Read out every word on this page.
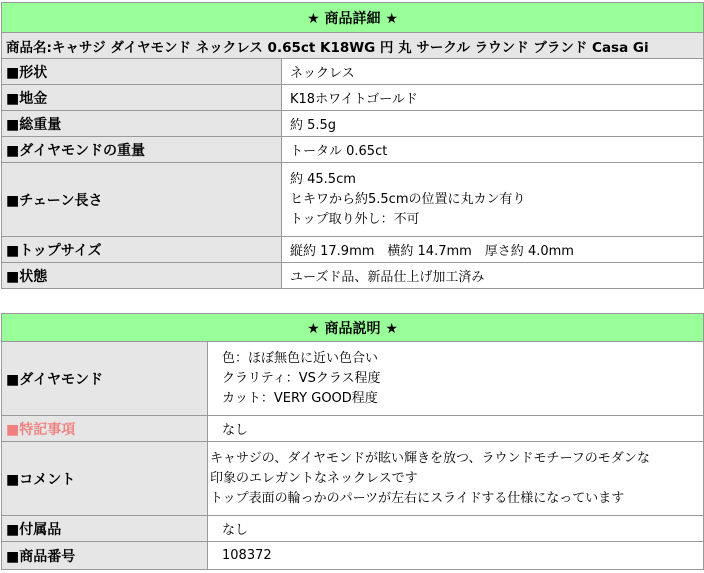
★ 商品詳細 ★	
商品名:キャサジ ダイヤモンド ネックレス 0.65ct K18WG 円 丸 サークル ラウンド ブランド Casa Gi	
■形状	ネックレス
■地金	K18ホワイトゴールド
■総重量	約 5.5g
■ダイヤモンドの重量	トータル 0.65ct
■チェーン長さ	約 45.5cm
ヒキワから約5.5cmの位置に丸カン有り
トップ取り外し：不可

■トップサイズ	縦約 17.9mm　横約 14.7mm　厚さ約 4.0mm
■状態	ユーズド品、新品仕上げ加工済み
★ 商品説明 ★	
■ダイヤモンド	色：ほぼ無色に近い色合い
クラリティ：VSクラス程度
カット：VERY GOOD程度

■特記事項	なし
■コメント	キャサジの、ダイヤモンドが眩い輝きを放つ、ラウンドモチーフのモダンな
印象のエレガントなネックレスです
トップ表面の輪っかのパーツが左右にスライドする仕様になっています

■付属品	なし
■商品番号	108372
